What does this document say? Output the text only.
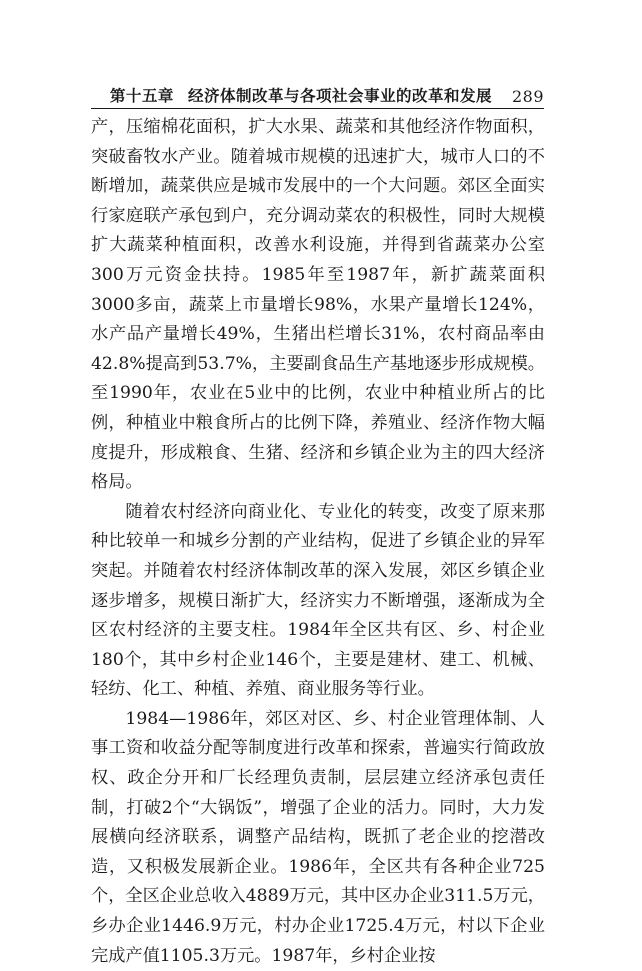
第十五章 经济体制改革与各项社会事业的改革和发展 289

产，压缩棉花面积，扩大水果、蔬菜和其他经济作物面积，突破畜牧水产业。随着城市规模的迅速扩大，城市人口的不断增加，蔬菜供应是城市发展中的一个大问题。郊区全面实行家庭联产承包到户，充分调动菜农的积极性，同时大规模扩大蔬菜种植面积，改善水利设施，并得到省蔬菜办公室300万元资金扶持。1985年至1987年，新扩蔬菜面积3000多亩，蔬菜上市量增长98%，水果产量增长124%，水产品产量增长49%，生猪出栏增长31%，农村商品率由42.8%提高到53.7%，主要副食品生产基地逐步形成规模。至1990年，农业在5业中的比例，农业中种植业所占的比例，种植业中粮食所占的比例下降，养殖业、经济作物大幅度提升，形成粮食、生猪、经济和乡镇企业为主的四大经济格局。

随着农村经济向商业化、专业化的转变，改变了原来那种比较单一和城乡分割的产业结构，促进了乡镇企业的异军突起。并随着农村经济体制改革的深入发展，郊区乡镇企业逐步增多，规模日渐扩大，经济实力不断增强，逐渐成为全区农村经济的主要支柱。1984年全区共有区、乡、村企业180个，其中乡村企业146个，主要是建材、建工、机械、轻纺、化工、种植、养殖、商业服务等行业。

1984—1986年，郊区对区、乡、村企业管理体制、人事工资和收益分配等制度进行改革和探索，普遍实行简政放权、政企分开和厂长经理负责制，层层建立经济承包责任制，打破2个“大锅饭”，增强了企业的活力。同时，大力发展横向经济联系，调整产品结构，既抓了老企业的挖潜改造，又积极发展新企业。1986年，全区共有各种企业725个，全区企业总收入4889万元，其中区办企业311.5万元，乡办企业1446.9万元，村办企业1725.4万元，村以下企业完成产值1105.3万元。1987年，乡村企业按
